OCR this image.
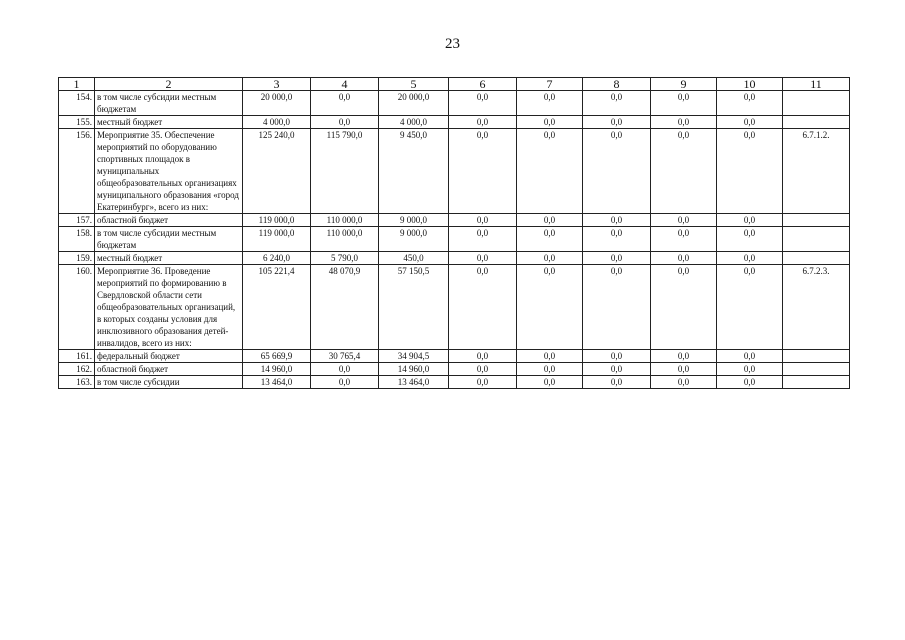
23
1	2	3	4	5	6	7	8	9	10	11
154.	в том числе субсидии местным бюджетам	20 000,0	0,0	20 000,0	0,0	0,0	0,0	0,0	0,0	
155.	местный бюджет	4 000,0	0,0	4 000,0	0,0	0,0	0,0	0,0	0,0	
156.	Мероприятие 35. Обеспечение мероприятий по оборудованию спортивных площадок в муниципальных общеобразовательных организациях муниципального образования «город Екатеринбург», всего из них:	125 240,0	115 790,0	9 450,0	0,0	0,0	0,0	0,0	0,0	6.7.1.2.
157.	областной бюджет	119 000,0	110 000,0	9 000,0	0,0	0,0	0,0	0,0	0,0	
158.	в том числе субсидии местным бюджетам	119 000,0	110 000,0	9 000,0	0,0	0,0	0,0	0,0	0,0	
159.	местный бюджет	6 240,0	5 790,0	450,0	0,0	0,0	0,0	0,0	0,0	
160.	Мероприятие 36. Проведение мероприятий по формированию в Свердловской области сети общеобразовательных организаций, в которых созданы условия для инклюзивного образования детей-инвалидов, всего из них:	105 221,4	48 070,9	57 150,5	0,0	0,0	0,0	0,0	0,0	6.7.2.3.
161.	федеральный бюджет	65 669,9	30 765,4	34 904,5	0,0	0,0	0,0	0,0	0,0	
162.	областной бюджет	14 960,0	0,0	14 960,0	0,0	0,0	0,0	0,0	0,0	
163.	в том числе субсидии	13 464,0	0,0	13 464,0	0,0	0,0	0,0	0,0	0,0	
